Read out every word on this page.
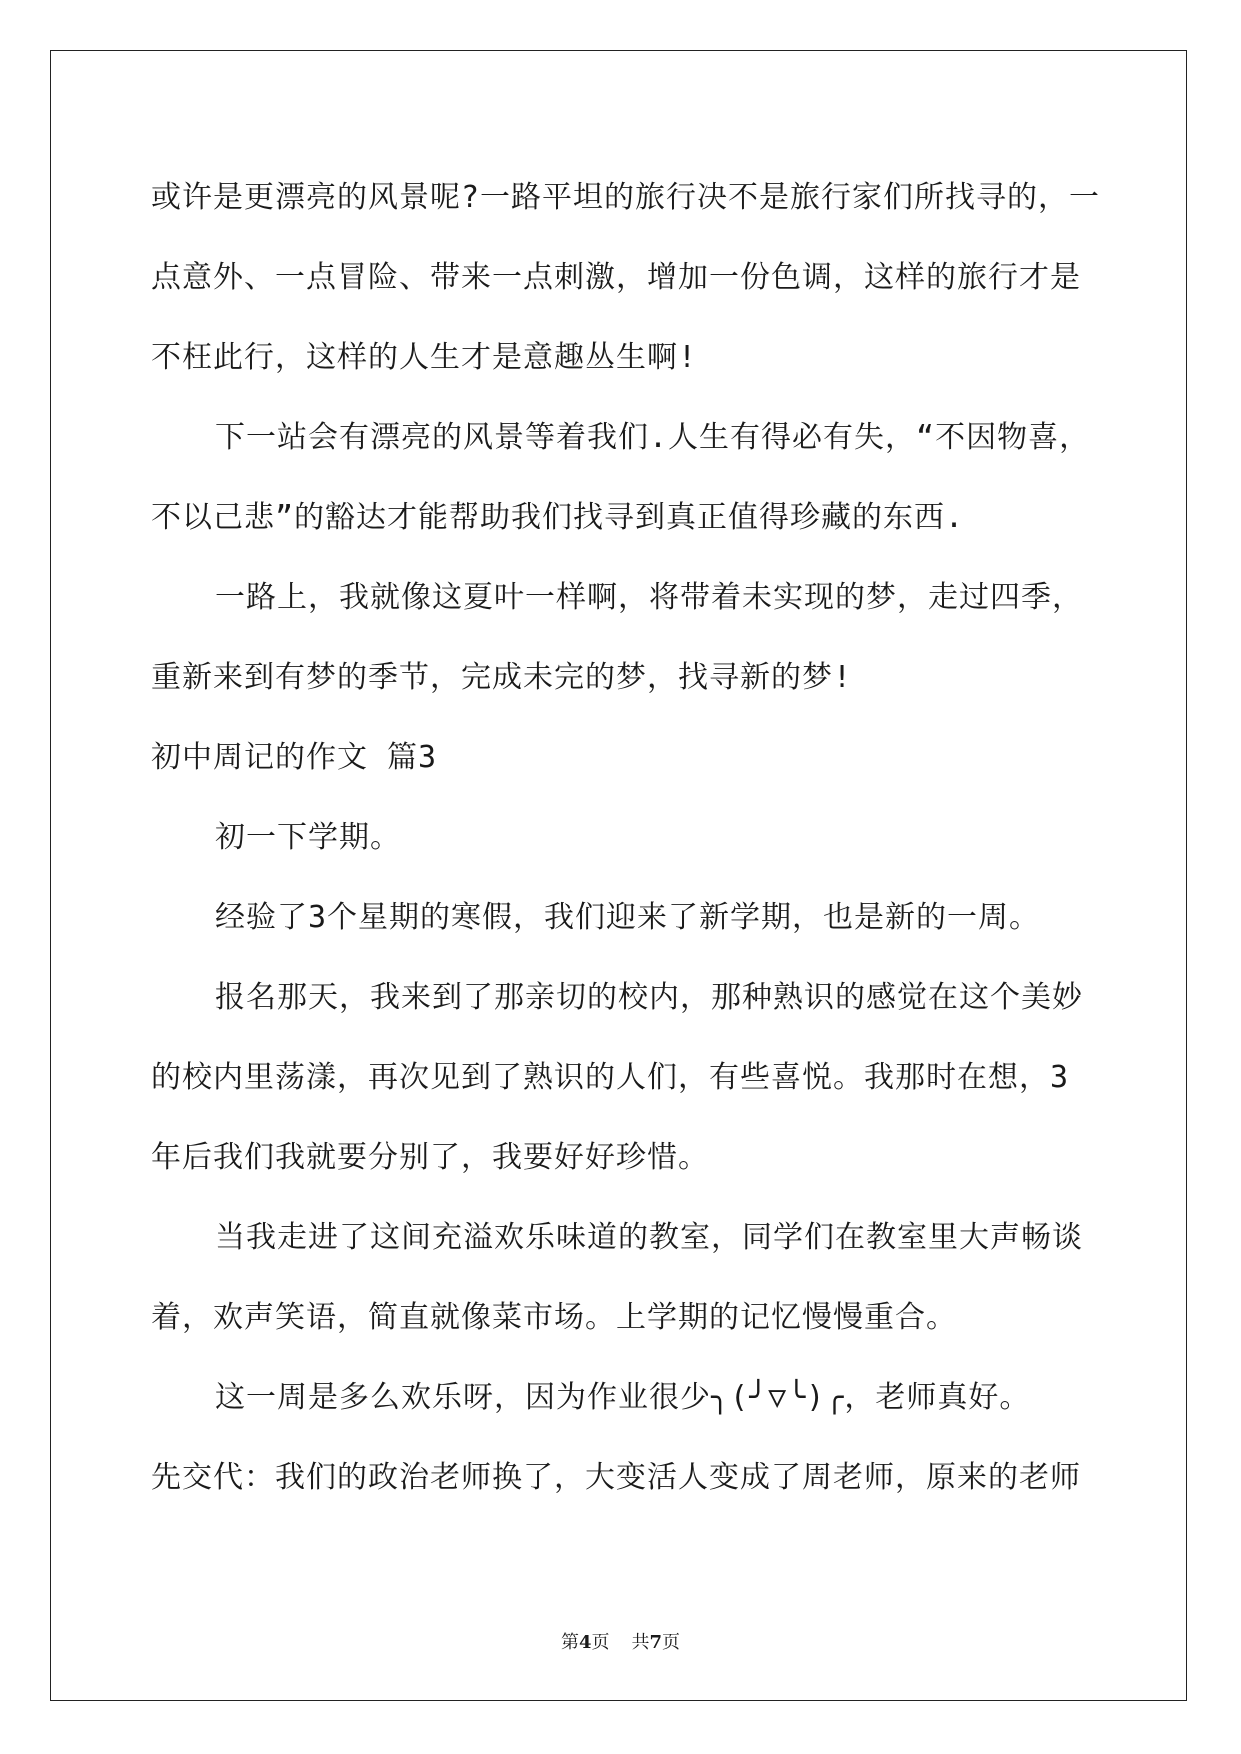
或许是更漂亮的风景呢?一路平坦的旅行决不是旅行家们所找寻的，一
点意外、一点冒险、带来一点刺激，增加一份色调，这样的旅行才是
不枉此行，这样的人生才是意趣丛生啊!
下一站会有漂亮的风景等着我们.人生有得必有失，“不因物喜，
不以己悲”的豁达才能帮助我们找寻到真正值得珍藏的东西.
一路上，我就像这夏叶一样啊，将带着未实现的梦，走过四季，
重新来到有梦的季节，完成未完的梦，找寻新的梦!
初中周记的作文 篇3
初一下学期。
经验了3个星期的寒假，我们迎来了新学期，也是新的一周。
报名那天，我来到了那亲切的校内，那种熟识的感觉在这个美妙
的校内里荡漾，再次见到了熟识的人们，有些喜悦。我那时在想，3
年后我们我就要分别了，我要好好珍惜。
当我走进了这间充溢欢乐味道的教室，同学们在教室里大声畅谈
着，欢声笑语，简直就像菜市场。上学期的记忆慢慢重合。
这一周是多么欢乐呀，因为作业很少╮(╯▽╰)╭，老师真好。
先交代：我们的政治老师换了，大变活人变成了周老师，原来的老师
第4页 共7页
